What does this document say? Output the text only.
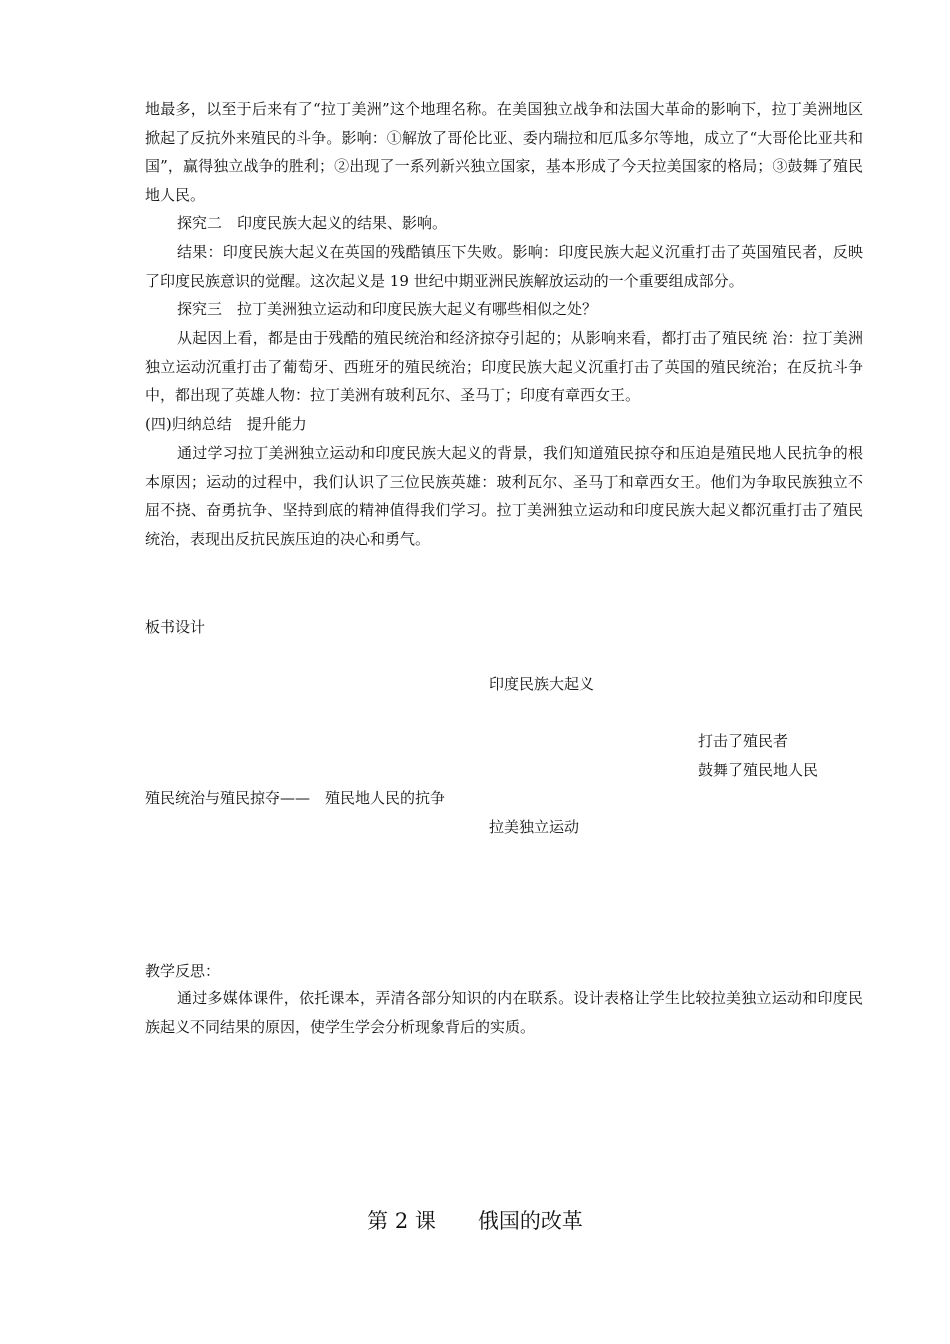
地最多，以至于后来有了“拉丁美洲”这个地理名称。在美国独立战争和法国大革命的影响下，拉丁美洲地区掀起了反抗外来殖民的斗争。影响：①解放了哥伦比亚、委内瑞拉和厄瓜多尔等地，成立了“大哥伦比亚共和国”，赢得独立战争的胜利；②出现了一系列新兴独立国家，基本形成了今天拉美国家的格局；③鼓舞了殖民地人民。

探究二　印度民族大起义的结果、影响。

结果：印度民族大起义在英国的残酷镇压下失败。影响：印度民族大起义沉重打击了英国殖民者，反映了印度民族意识的觉醒。这次起义是 19 世纪中期亚洲民族解放运动的一个重要组成部分。

探究三　拉丁美洲独立运动和印度民族大起义有哪些相似之处？

从起因上看，都是由于残酷的殖民统治和经济掠夺引起的；从影响来看，都打击了殖民统 治：拉丁美洲独立运动沉重打击了葡萄牙、西班牙的殖民统治；印度民族大起义沉重打击了英国的殖民统治；在反抗斗争中，都出现了英雄人物：拉丁美洲有玻利瓦尔、圣马丁；印度有章西女王。

(四)归纳总结　提升能力

通过学习拉丁美洲独立运动和印度民族大起义的背景，我们知道殖民掠夺和压迫是殖民地人民抗争的根本原因；运动的过程中，我们认识了三位民族英雄：玻利瓦尔、圣马丁和章西女王。他们为争取民族独立不屈不挠、奋勇抗争、坚持到底的精神值得我们学习。拉丁美洲独立运动和印度民族大起义都沉重打击了殖民统治，表现出反抗民族压迫的决心和勇气。

板书设计
印度民族大起义
打击了殖民者
鼓舞了殖民地人民
殖民统治与殖民掠夺——　殖民地人民的抗争
拉美独立运动
教学反思：

通过多媒体课件，依托课本，弄清各部分知识的内在联系。设计表格让学生比较拉美独立运动和印度民族起义不同结果的原因，使学生学会分析现象背后的实质。

第 2 课　　俄国的改革
